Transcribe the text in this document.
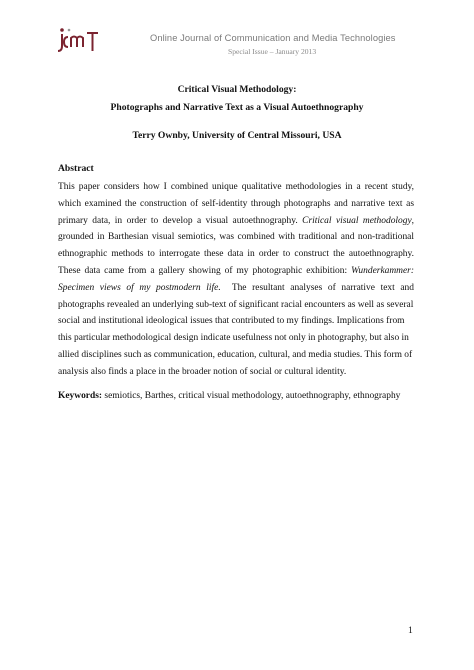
Online Journal of Communication and Media Technologies
Special Issue – January 2013
Critical Visual Methodology:
Photographs and Narrative Text as a Visual Autoethnography
Terry Ownby, University of Central Missouri, USA
Abstract
This paper considers how I combined unique qualitative methodologies in a recent study,
which examined the construction of self-identity through photographs and narrative text as
primary data, in order to develop a visual autoethnography. Critical visual methodology,
grounded in Barthesian visual semiotics, was combined with traditional and non-traditional
ethnographic methods to interrogate these data in order to construct the autoethnography.
These data came from a gallery showing of my photographic exhibition: Wunderkammer:
Specimen views of my postmodern life. The resultant analyses of narrative text and
photographs revealed an underlying sub-text of significant racial encounters as well as several
social and institutional ideological issues that contributed to my findings. Implications from
this particular methodological design indicate usefulness not only in photography, but also in
allied disciplines such as communication, education, cultural, and media studies. This form of
analysis also finds a place in the broader notion of social or cultural identity.
Keywords: semiotics, Barthes, critical visual methodology, autoethnography, ethnography
1
